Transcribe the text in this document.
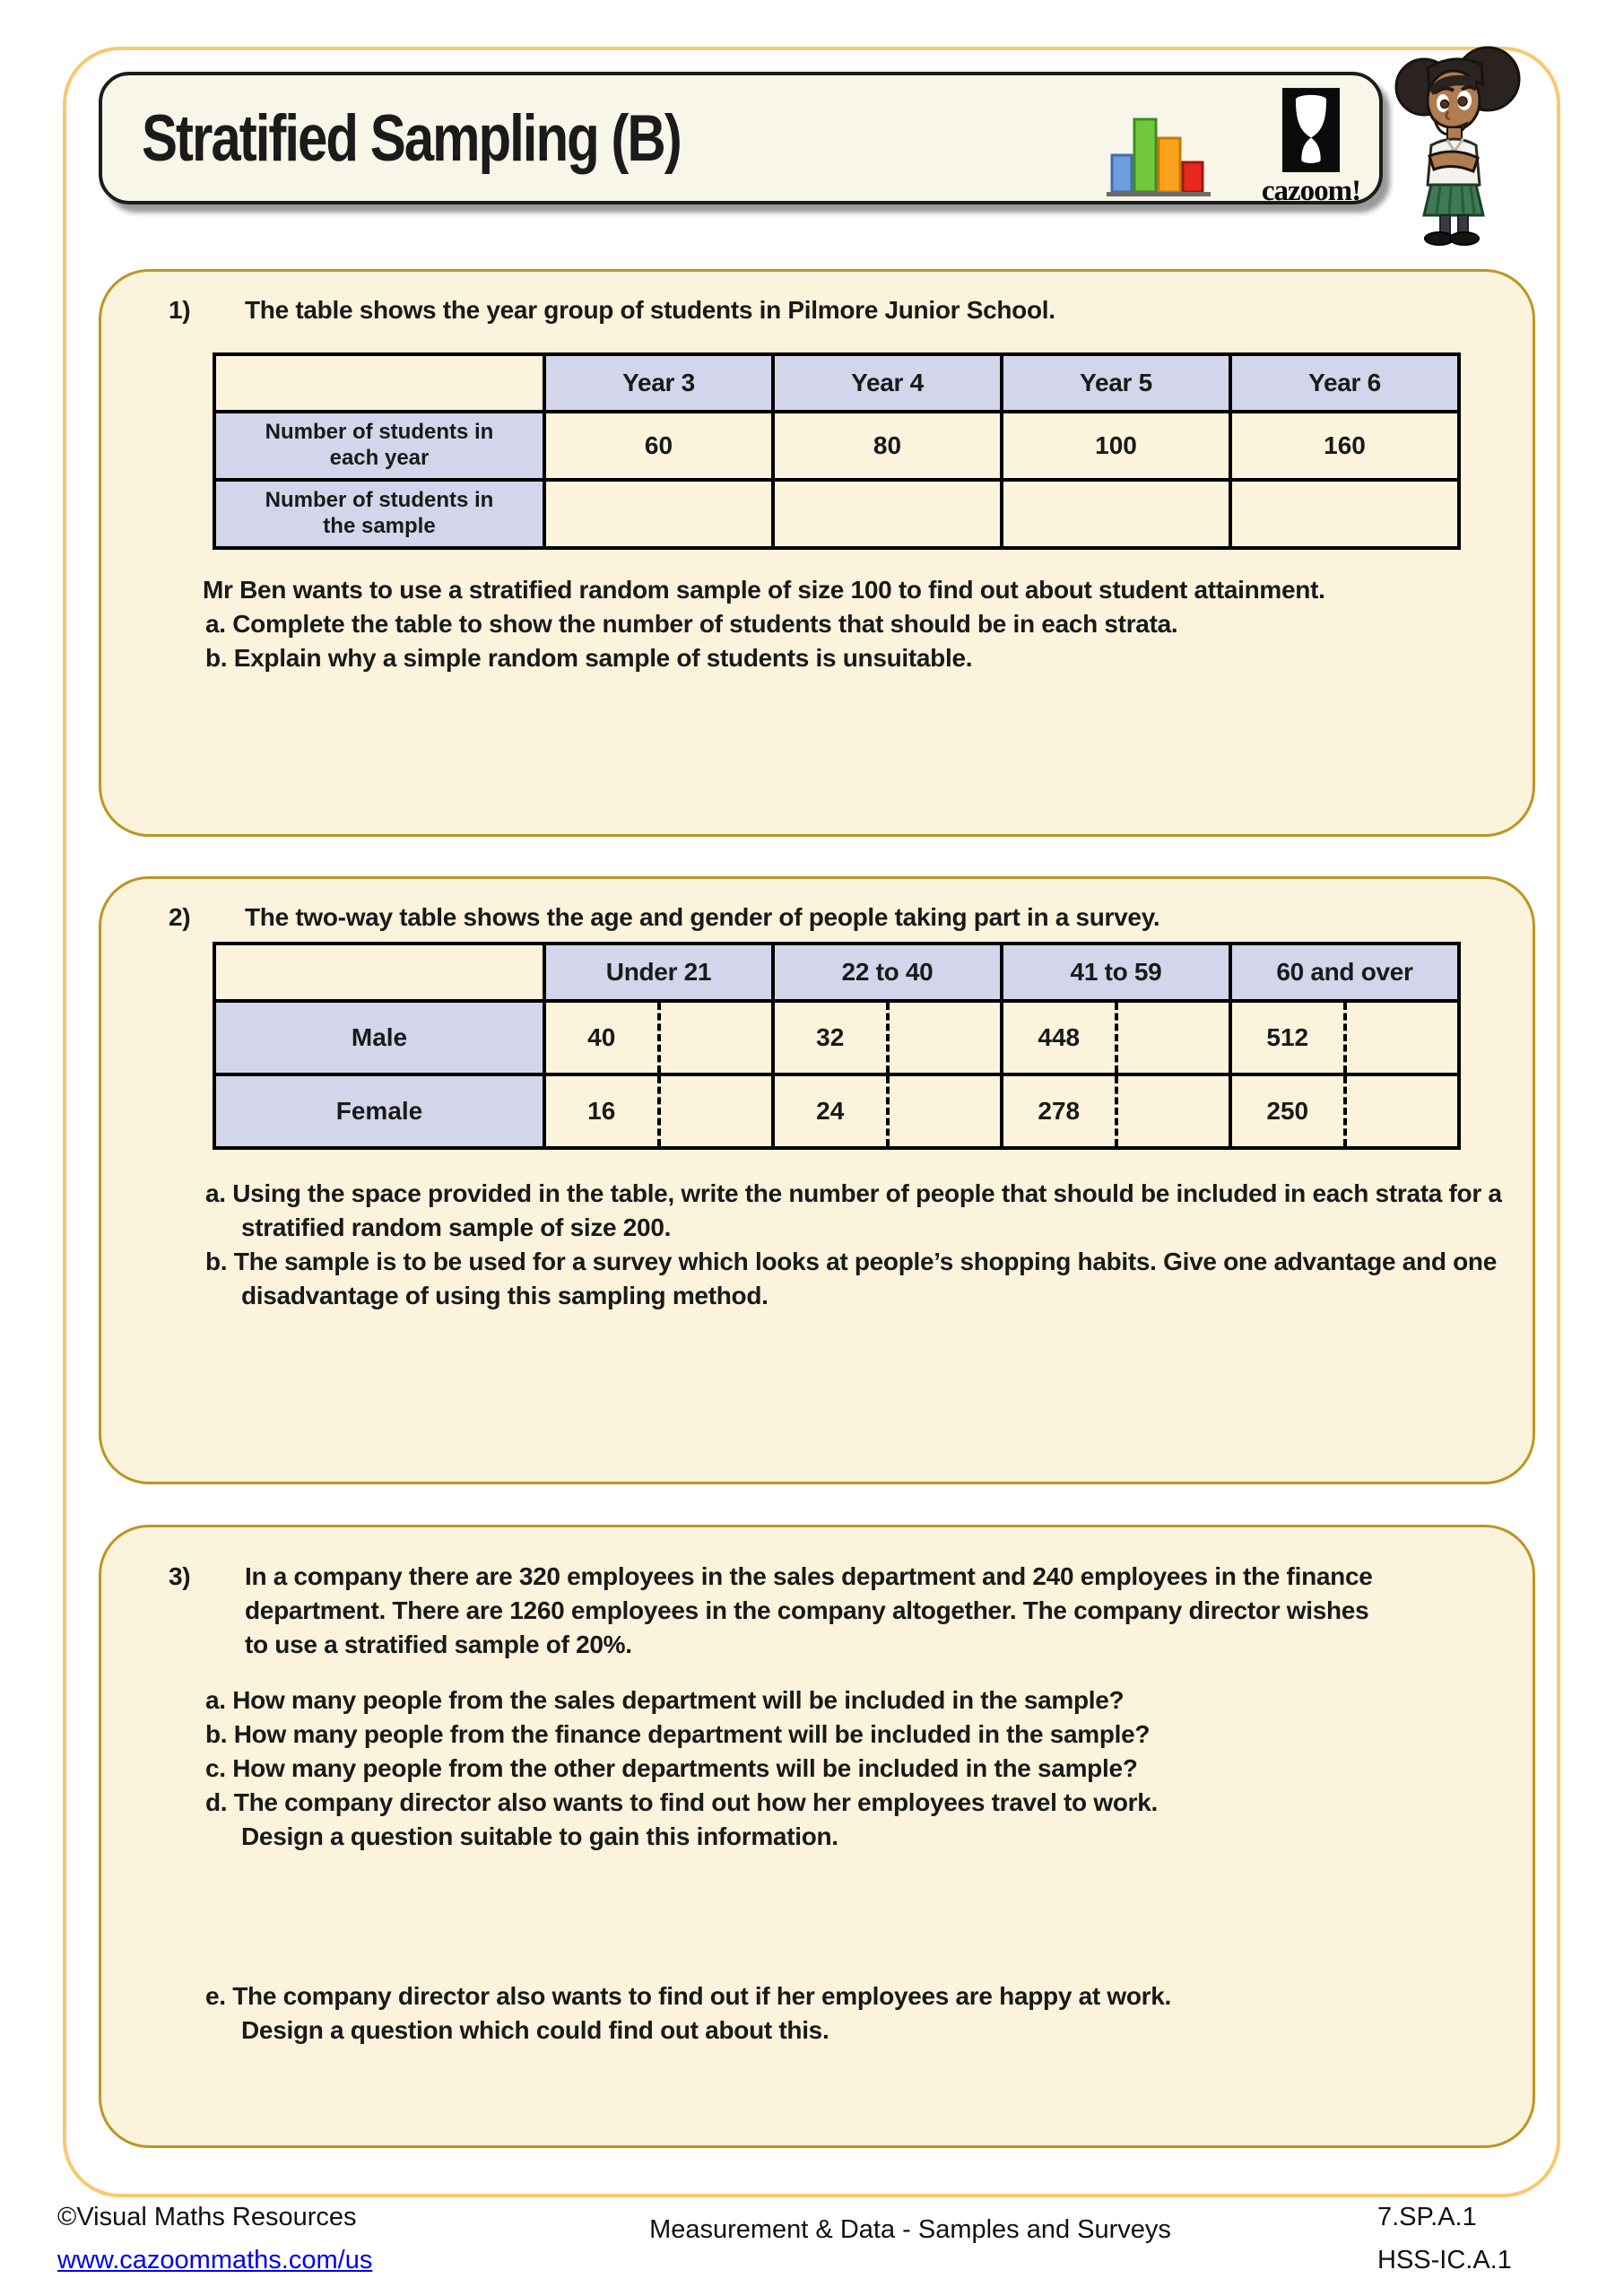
Stratified Sampling (B)
cazoom!
1)	The table shows the year group of students in Pilmore Junior School.
	Year 3	Year 4	Year 5	Year 6
Number of students in each year	60	80	100	160
Number of students in the sample				
Mr Ben wants to use a stratified random sample of size 100 to find out about student attainment.
a. Complete the table to show the number of students that should be in each strata.
b. Explain why a simple random sample of students is unsuitable.
2)	The two-way table shows the age and gender of people taking part in a survey.
	Under 21	22 to 40	41 to 59	60 and over
Male	40	32	448	512

Female	16	24	278	250
a. Using the space provided in the table, write the number of people that should be included in each strata for a stratified random sample of size 200.
b. The sample is to be used for a survey which looks at people’s shopping habits. Give one advantage and one disadvantage of using this sampling method.
3)	In a company there are 320 employees in the sales department and 240 employees in the finance department. There are 1260 employees in the company altogether. The company director wishes to use a stratified sample of 20%.
a. How many people from the sales department will be included in the sample?
b. How many people from the finance department will be included in the sample?
c. How many people from the other departments will be included in the sample?
d. The company director also wants to find out how her employees travel to work.
Design a question suitable to gain this information.
e. The company director also wants to find out if her employees are happy at work.
Design a question which could find out about this.
©Visual Maths Resources
www.cazoommaths.com/us
Measurement & Data - Samples and Surveys	7.SP.A.1
HSS-IC.A.1
